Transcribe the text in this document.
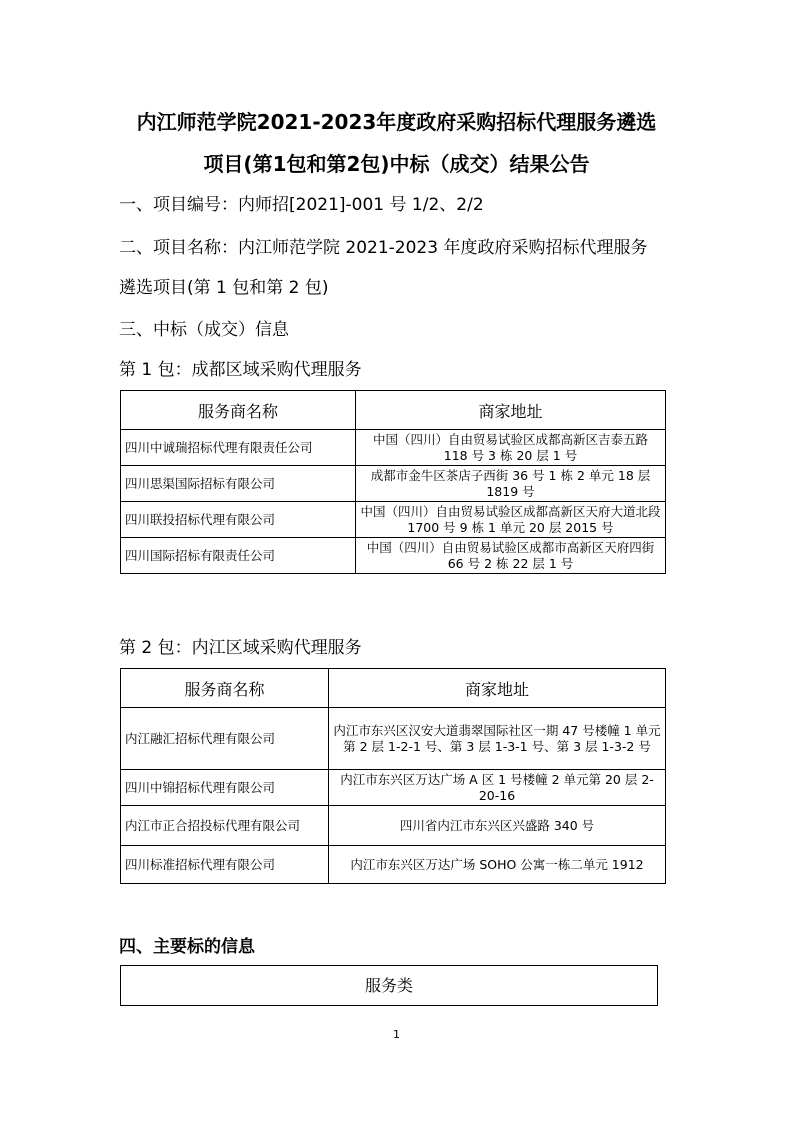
内江师范学院2021-2023年度政府采购招标代理服务遴选
项目(第1包和第2包)中标（成交）结果公告
一、项目编号：内师招[2021]-001 号 1/2、2/2
二、项目名称：内江师范学院 2021-2023 年度政府采购招标代理服务
遴选项目(第 1 包和第 2 包)
三、中标（成交）信息
第 1 包：成都区域采购代理服务
服务商名称	商家地址
四川中诚瑞招标代理有限责任公司	中国（四川）自由贸易试验区成都高新区吉泰五路 118 号 3 栋 20 层 1 号
四川思渠国际招标有限公司	成都市金牛区茶店子西街 36 号 1 栋 2 单元 18 层 1819 号
四川联投招标代理有限公司	中国（四川）自由贸易试验区成都高新区天府大道北段 1700 号 9 栋 1 单元 20 层 2015 号
四川国际招标有限责任公司	中国（四川）自由贸易试验区成都市高新区天府四街 66 号 2 栋 22 层 1 号
第 2 包：内江区域采购代理服务
服务商名称	商家地址
内江融汇招标代理有限公司	内江市东兴区汉安大道翡翠国际社区一期 47 号楼幢 1 单元第 2 层 1-2-1 号、第 3 层 1-3-1 号、第 3 层 1-3-2 号
四川中锦招标代理有限公司	内江市东兴区万达广场 A 区 1 号楼幢 2 单元第 20 层 2-20-16
内江市正合招投标代理有限公司	四川省内江市东兴区兴盛路 340 号
四川标准招标代理有限公司	内江市东兴区万达广场 SOHO 公寓一栋二单元 1912
四、主要标的信息
服务类
1
